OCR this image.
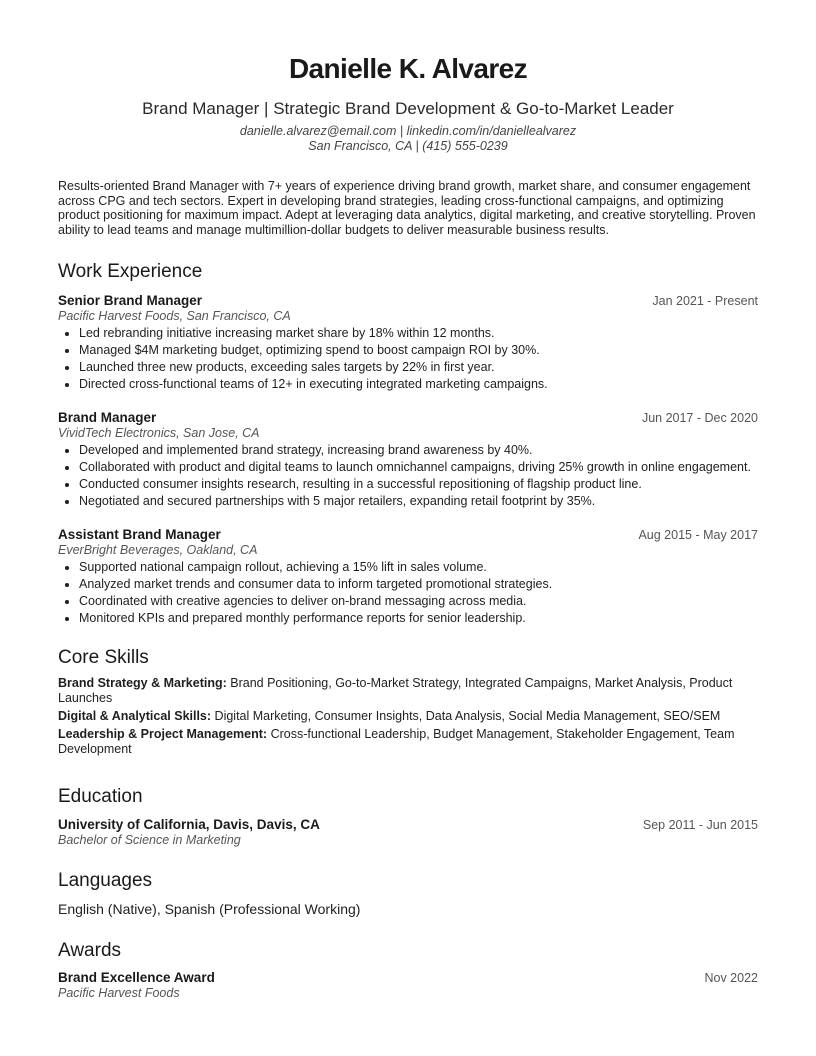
Danielle K. Alvarez
Brand Manager | Strategic Brand Development & Go-to-Market Leader
danielle.alvarez@email.com | linkedin.com/in/daniellealvarez
San Francisco, CA | (415) 555-0239
Results-oriented Brand Manager with 7+ years of experience driving brand growth, market share, and consumer engagement across CPG and tech sectors. Expert in developing brand strategies, leading cross-functional campaigns, and optimizing product positioning for maximum impact. Adept at leveraging data analytics, digital marketing, and creative storytelling. Proven ability to lead teams and manage multimillion-dollar budgets to deliver measurable business results.
Work Experience
Senior Brand Manager	Jan 2021 - Present
Pacific Harvest Foods, San Francisco, CA
• Led rebranding initiative increasing market share by 18% within 12 months.
• Managed $4M marketing budget, optimizing spend to boost campaign ROI by 30%.
• Launched three new products, exceeding sales targets by 22% in first year.
• Directed cross-functional teams of 12+ in executing integrated marketing campaigns.
Brand Manager	Jun 2017 - Dec 2020
VividTech Electronics, San Jose, CA
• Developed and implemented brand strategy, increasing brand awareness by 40%.
• Collaborated with product and digital teams to launch omnichannel campaigns, driving 25% growth in online engagement.
• Conducted consumer insights research, resulting in a successful repositioning of flagship product line.
• Negotiated and secured partnerships with 5 major retailers, expanding retail footprint by 35%.
Assistant Brand Manager	Aug 2015 - May 2017
EverBright Beverages, Oakland, CA
• Supported national campaign rollout, achieving a 15% lift in sales volume.
• Analyzed market trends and consumer data to inform targeted promotional strategies.
• Coordinated with creative agencies to deliver on-brand messaging across media.
• Monitored KPIs and prepared monthly performance reports for senior leadership.
Core Skills
Brand Strategy & Marketing: Brand Positioning, Go-to-Market Strategy, Integrated Campaigns, Market Analysis, Product Launches
Digital & Analytical Skills: Digital Marketing, Consumer Insights, Data Analysis, Social Media Management, SEO/SEM
Leadership & Project Management: Cross-functional Leadership, Budget Management, Stakeholder Engagement, Team Development
Education
University of California, Davis, Davis, CA	Sep 2011 - Jun 2015
Bachelor of Science in Marketing
Languages
English (Native), Spanish (Professional Working)
Awards
Brand Excellence Award	Nov 2022
Pacific Harvest Foods
